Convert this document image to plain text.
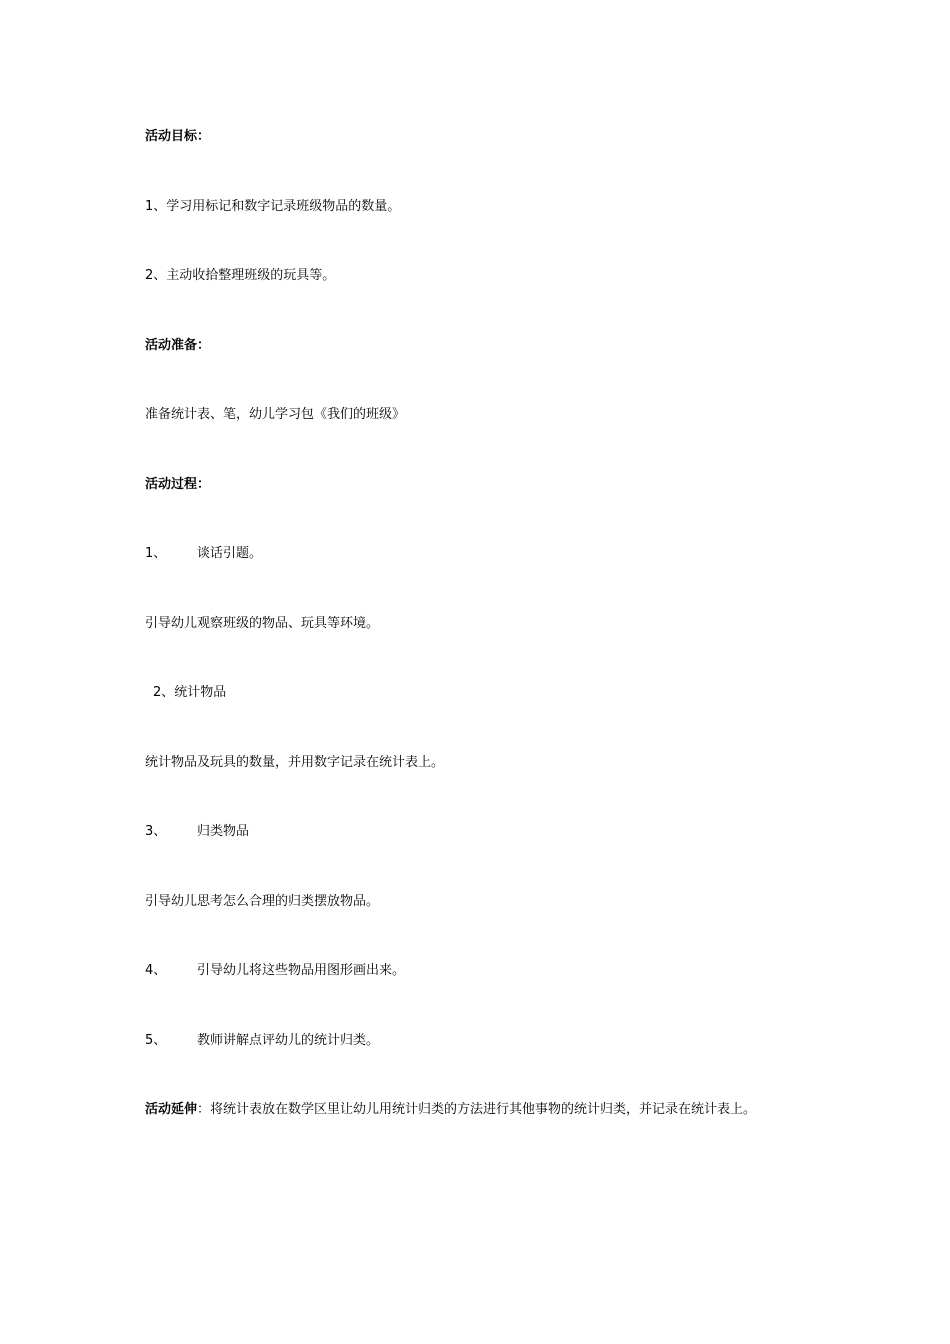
活动目标：
1、学习用标记和数字记录班级物品的数量。
2、主动收拾整理班级的玩具等。
活动准备：
准备统计表、笔，幼儿学习包《我们的班级》
活动过程：
1、 谈话引题。
引导幼儿观察班级的物品、玩具等环境。
2、统计物品
统计物品及玩具的数量，并用数字记录在统计表上。
3、 归类物品
引导幼儿思考怎么合理的归类摆放物品。
4、 引导幼儿将这些物品用图形画出来。
5、 教师讲解点评幼儿的统计归类。
活动延伸：将统计表放在数学区里让幼儿用统计归类的方法进行其他事物的统计归类，并记录在统计表上。
